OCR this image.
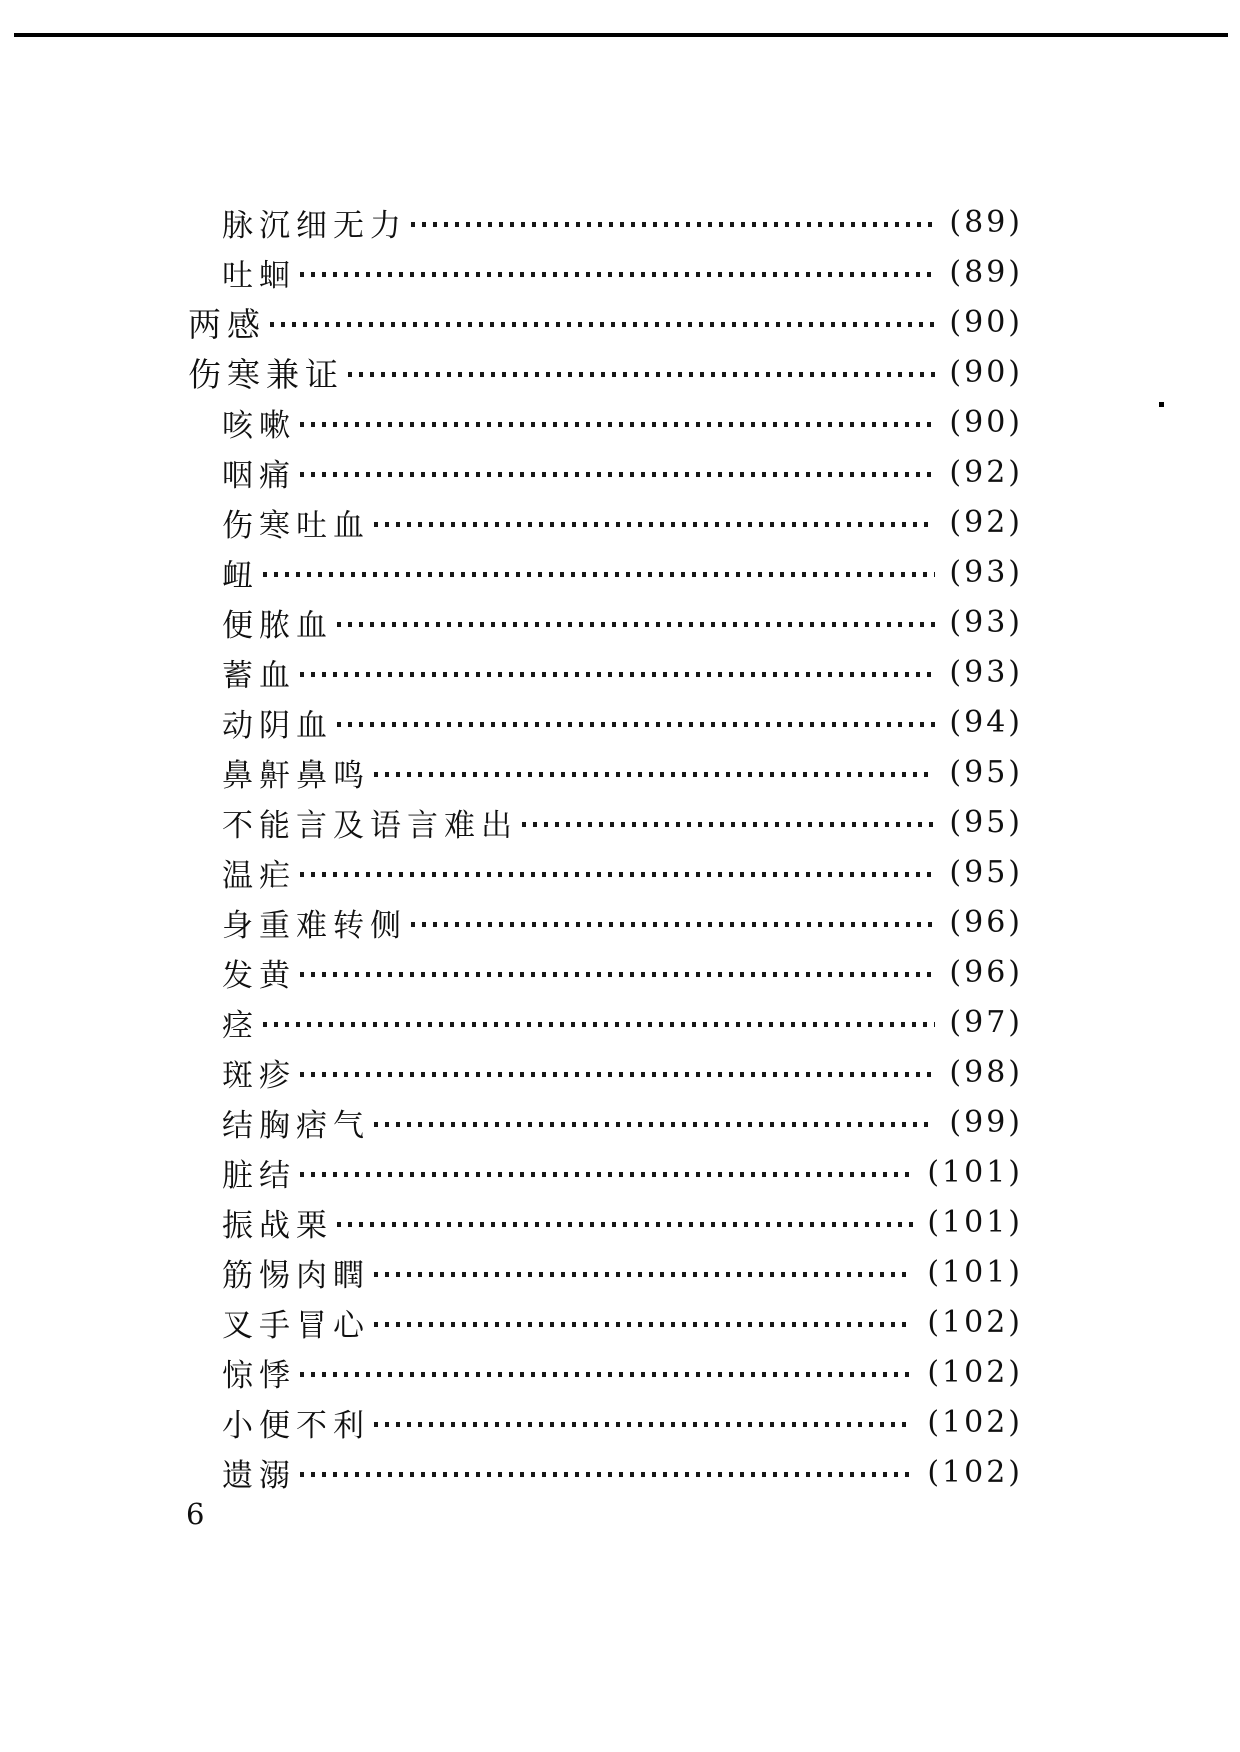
脉沉细无力	(89)
吐蛔	(89)
两感	(90)
伤寒兼证	(90)
咳嗽	(90)
咽痛	(92)
伤寒吐血	(92)
衄	(93)
便脓血	(93)
蓄血	(93)
动阴血	(94)
鼻鼾鼻鸣	(95)
不能言及语言难出	(95)
温疟	(95)
身重难转侧	(96)
发黄	(96)
痉	(97)
斑疹	(98)
结胸痞气	(99)
脏结	(101)
振战栗	(101)
筋惕肉瞤	(101)
叉手冒心	(102)
惊悸	(102)
小便不利	(102)
遗溺	(102)
6
